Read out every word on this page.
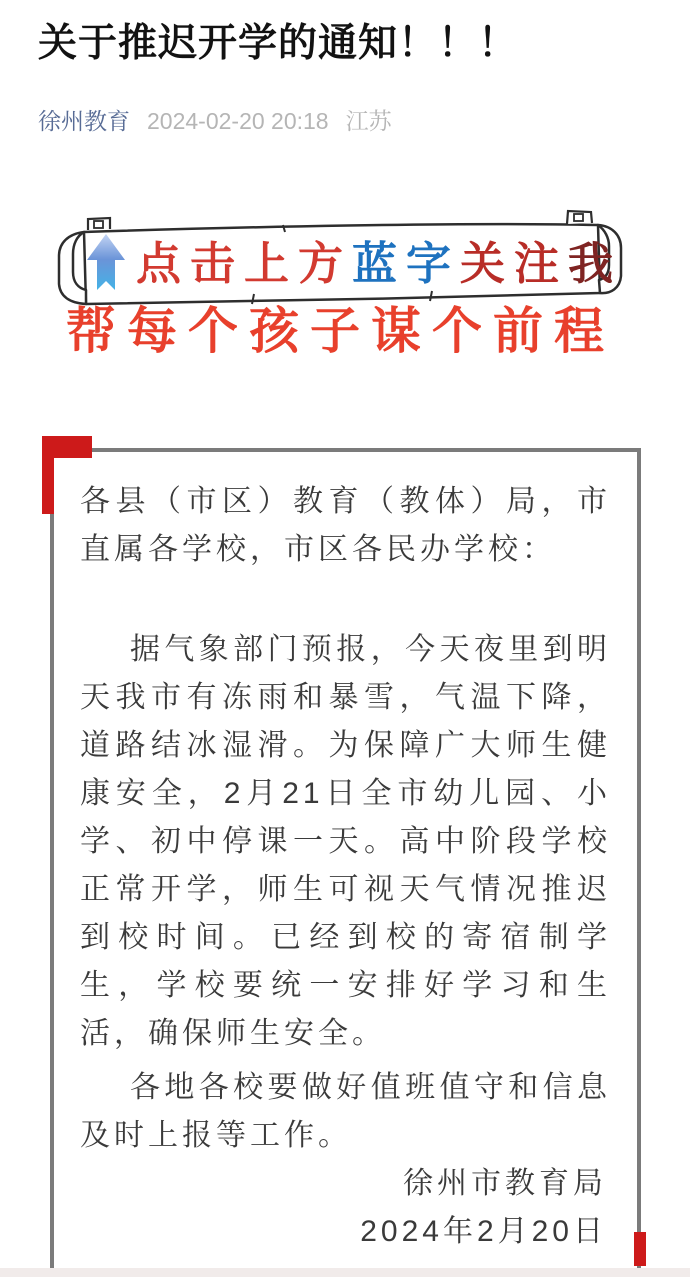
关于推迟开学的通知！！！
徐州教育 2024-02-20 20:18 江苏
点击上方 蓝字 关注 我
帮每个孩子谋个前程

各县（市区）教育（教体）局，市直属各学校，市区各民办学校：

据气象部门预报，今天夜里到明天我市有冻雨和暴雪，气温下降，道路结冰湿滑。为保障广大师生健康安全，2月21日全市幼儿园、小学、初中停课一天。高中阶段学校正常开学，师生可视天气情况推迟到校时间。已经到校的寄宿制学生，学校要统一安排好学习和生活，确保师生安全。

各地各校要做好值班值守和信息及时上报等工作。

徐州市教育局

2024年2月20日
